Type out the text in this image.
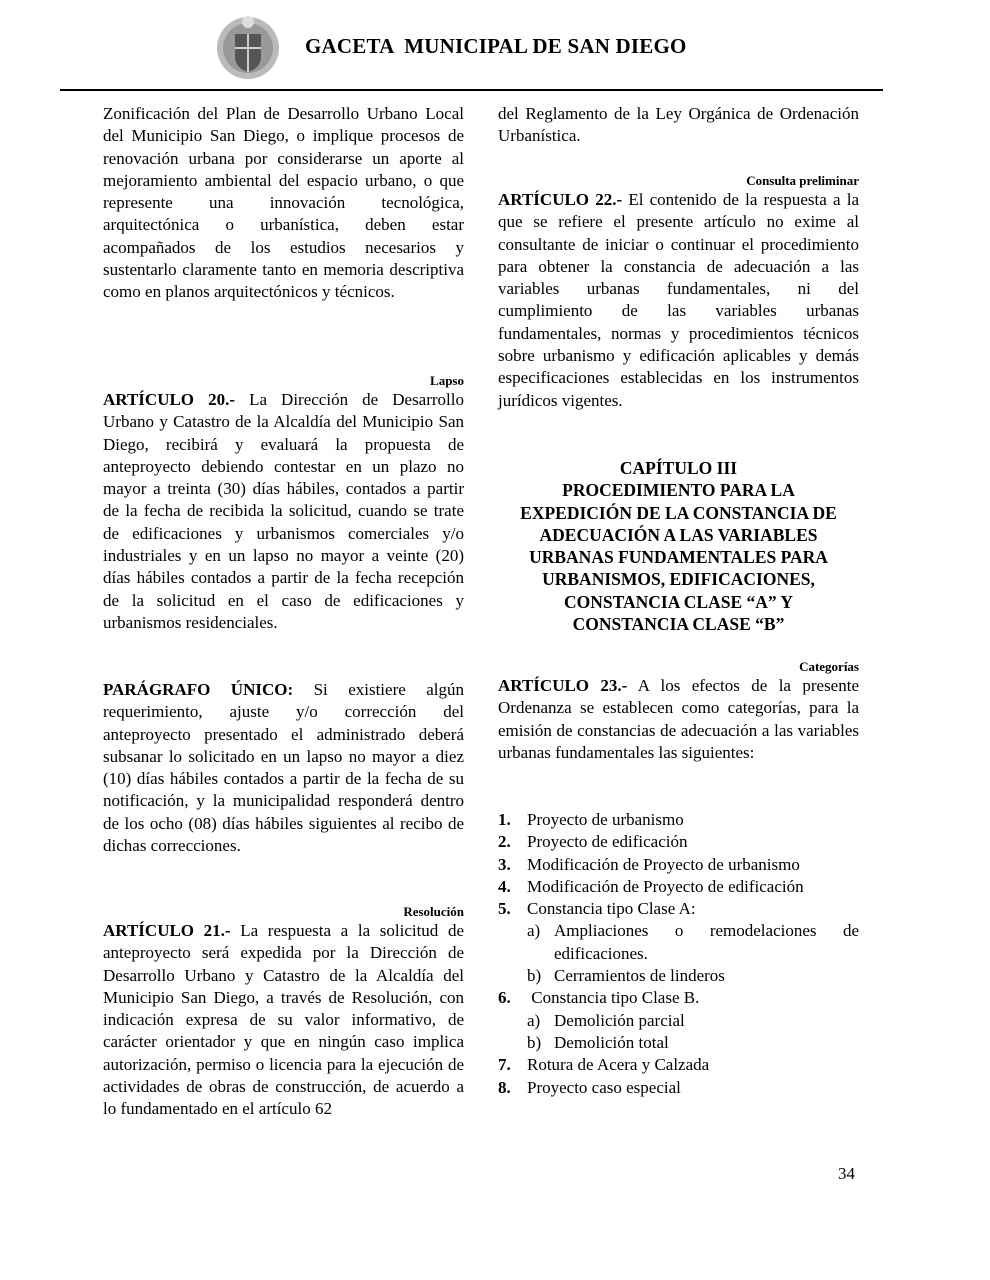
GACETA  MUNICIPAL DE SAN DIEGO

Zonificación del Plan de Desarrollo Urbano Local del Municipio San Diego, o implique procesos de renovación urbana por considerarse un aporte al mejoramiento ambiental del espacio urbano, o que represente una innovación tecnológica, arquitectónica o urbanística, deben estar acompañados de los estudios necesarios y sustentarlo claramente tanto en memoria descriptiva como en planos arquitectónicos y técnicos.

Lapso

ARTÍCULO 20.- La Dirección de Desarrollo Urbano y Catastro de la Alcaldía del Municipio San Diego, recibirá y evaluará la propuesta de anteproyecto debiendo contestar en un plazo no mayor a treinta (30) días hábiles, contados a partir de la fecha de recibida la solicitud, cuando se trate de edificaciones y urbanismos comerciales y/o industriales y en un lapso no mayor a veinte (20) días hábiles contados a partir de la fecha recepción de la solicitud en el caso de edificaciones y urbanismos residenciales.

PARÁGRAFO ÚNICO: Si existiere algún requerimiento, ajuste y/o corrección del anteproyecto presentado el administrado deberá subsanar lo solicitado en un lapso no mayor a diez (10) días hábiles contados a partir de la fecha de su notificación, y la municipalidad responderá dentro de los ocho (08) días hábiles siguientes al recibo de dichas correcciones.

Resolución

ARTÍCULO 21.- La respuesta a la solicitud de anteproyecto será expedida por la Dirección de Desarrollo Urbano y Catastro de la Alcaldía del Municipio San Diego, a través de Resolución, con indicación expresa de su valor informativo, de carácter orientador y que en ningún caso implica autorización, permiso o licencia para la ejecución de actividades de obras de construcción, de acuerdo a lo fundamentado en el artículo 62

del Reglamento de la Ley Orgánica de Ordenación Urbanística.

Consulta preliminar

ARTÍCULO 22.- El contenido de la respuesta a la que se refiere el presente artículo no exime al consultante de iniciar o continuar el procedimiento para obtener la constancia de adecuación a las variables urbanas fundamentales, ni del cumplimiento de las variables urbanas fundamentales, normas y procedimientos técnicos sobre urbanismo y edificación aplicables y demás especificaciones establecidas en los instrumentos jurídicos vigentes.

CAPÍTULO III
PROCEDIMIENTO PARA LA
EXPEDICIÓN DE LA CONSTANCIA DE
ADECUACIÓN A LAS VARIABLES
URBANAS FUNDAMENTALES PARA
URBANISMOS, EDIFICACIONES,
CONSTANCIA CLASE “A” Y
CONSTANCIA CLASE “B”
Categorías

ARTÍCULO 23.- A los efectos de la presente Ordenanza se establecen como categorías, para la emisión de constancias de adecuación a las variables urbanas fundamentales las siguientes:

1. Proyecto de urbanismo
2. Proyecto de edificación
3. Modificación de Proyecto de urbanismo
4. Modificación de Proyecto de edificación
5. Constancia tipo Clase A:
a) Ampliaciones o remodelaciones de edificaciones.
b) Cerramientos de linderos
6. Constancia tipo Clase B.
a) Demolición parcial
b) Demolición total
7. Rotura de Acera y Calzada
8. Proyecto caso especial
34
